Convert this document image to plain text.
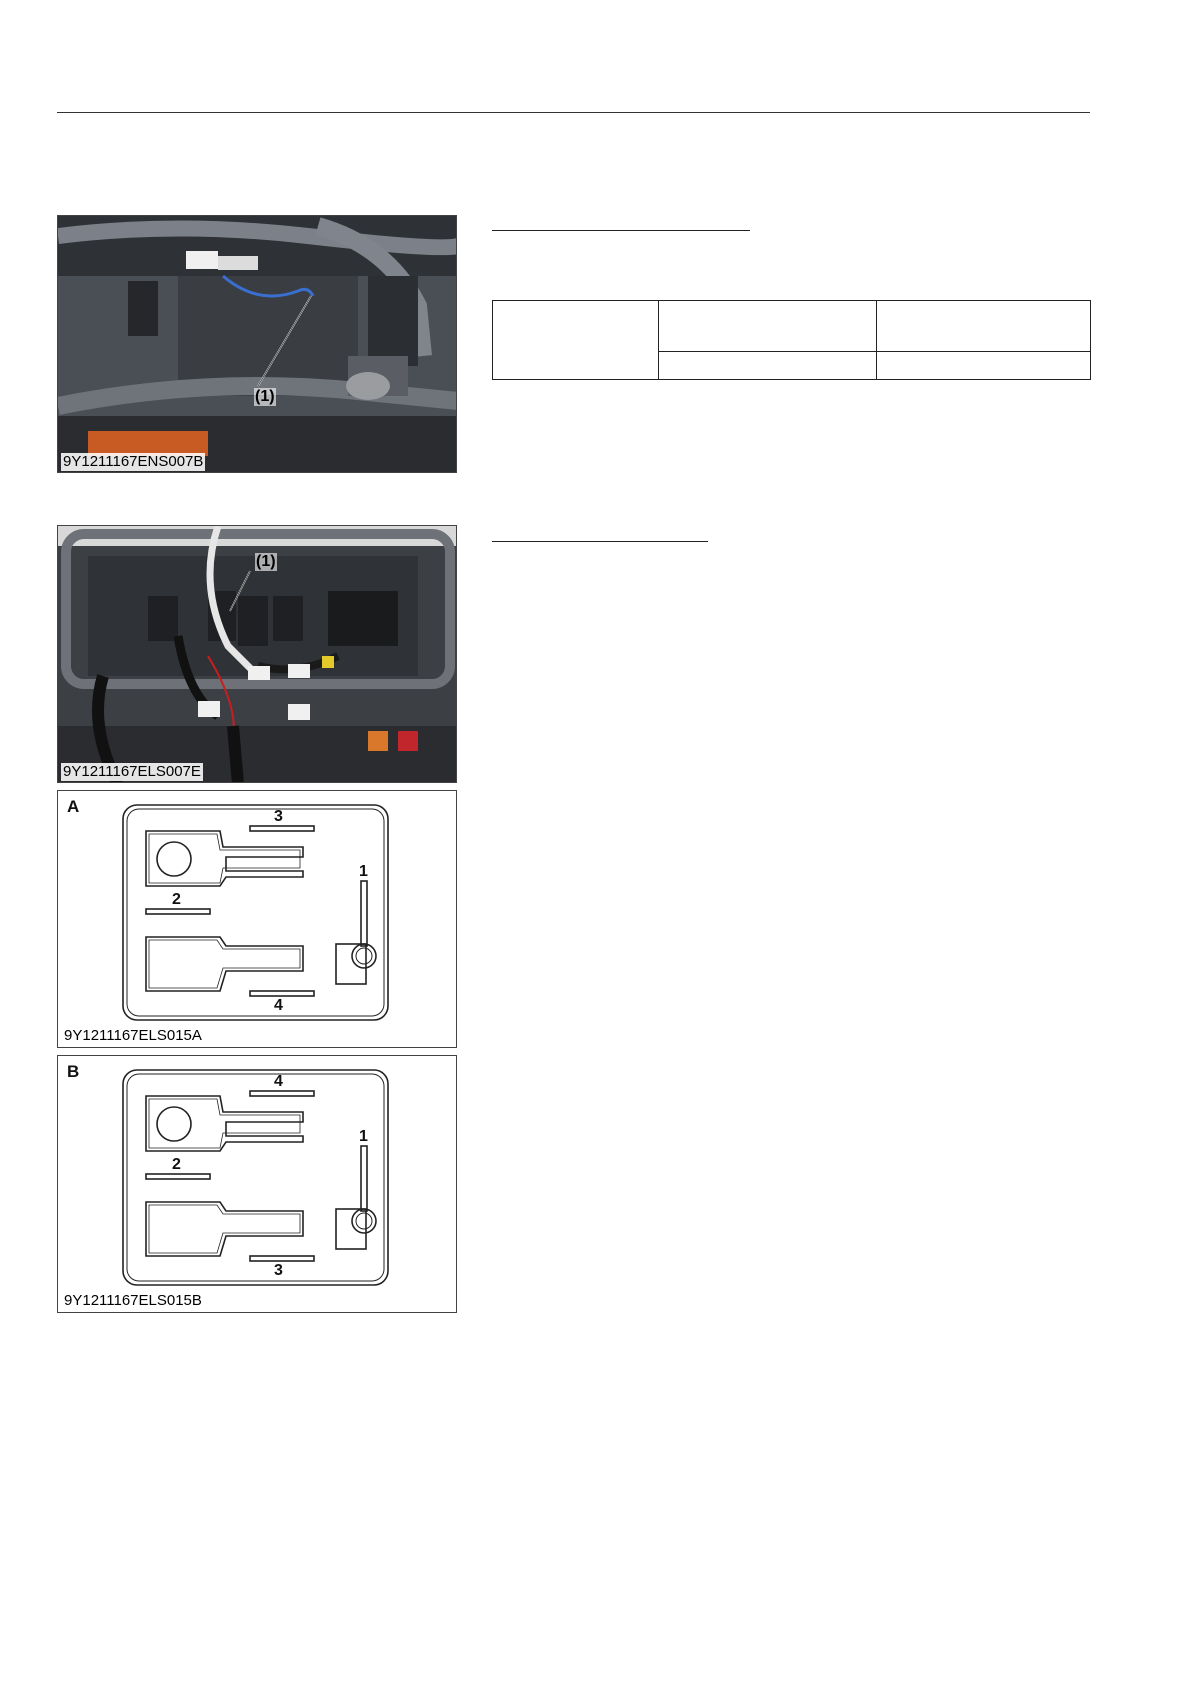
(1)
9Y1211167ENS007B

(1)
9Y1211167ELS007E
A
3
1
2
4
9Y1211167ELS015A
B
4
1
2
3
9Y1211167ELS015B
